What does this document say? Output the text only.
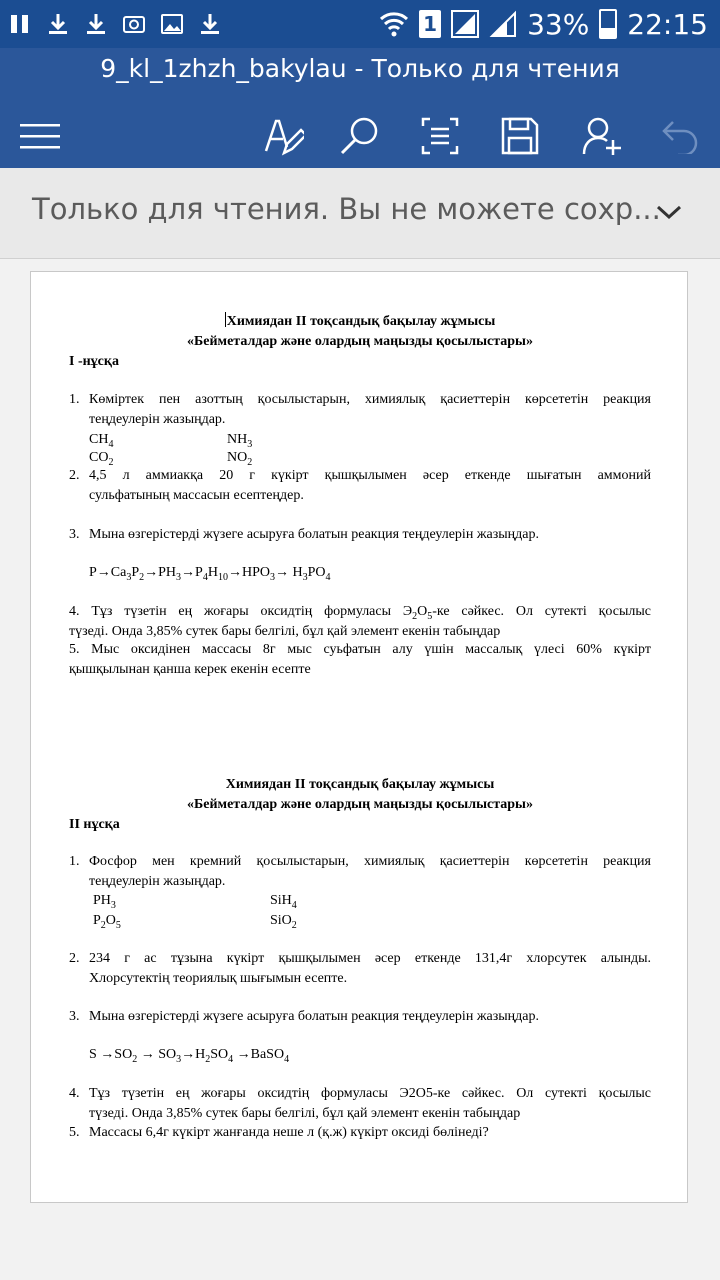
1	33% 22:15
9_kl_1zhzh_bakylau - Только для чтения
Только для чтения. Вы не можете сохр...
Химиядан II тоқсандық бақылау жұмысы
«Бейметалдар және олардың маңызды қосылыстары»
I -нұсқа
1. Көміртек пен азоттың қосылыстарын, химиялық қасиеттерін көрсететін реакция
теңдеулерін жазыңдар.
$CH_4$	$NH_3$
$CO_2$	$NO_2$
2. 4,5 л аммиакқа 20 г күкірт қышқылымен әсер еткенде шығатын аммоний
сульфатының массасын есептеңдер.
3. Мына өзгерістерді жүзеге асыруға болатын реакция теңдеулерін жазыңдар.
$P\to Ca_3P_2\to PH_3\to P_4H_{10}\to HPO_3\to H_3PO_4$
4. Тұз түзетін ең жоғары оксидтің формуласы $Э_2О_5-ке$ сәйкес. Ол сутекті қосылыс
түзеді. Онда 3,85% сутек бары белгілі, бұл қай элемент екенін табыңдар
5. Мыс оксидінен массасы 8г мыс суьфатын алу үшін массалық үлесі 60% күкірт
қышқылынан қанша керек екенін есепте
Химиядан II тоқсандық бақылау жұмысы
«Бейметалдар және олардың маңызды қосылыстары»
II нұсқа
1. Фосфор мен кремний қосылыстарын, химиялық қасиеттерін көрсететін реакция
теңдеулерін жазыңдар.
$PH_3$	SiH$_4$
$P_2O_5$	SiO$_2$
2. 234 г ас тұзына күкірт қышқылымен әсер еткенде 131,4г хлорсутек алынды.
Хлорсутектің теориялық шығымын есепте.
3. Мына өзгерістерді жүзеге асыруға болатын реакция теңдеулерін жазыңдар.
$S \to SO_2 \to SO_3\to H_2SO_4$ →BaSO$_4$
4. Тұз түзетін ең жоғары оксидтің формуласы Э2О5-ке сәйкес. Ол сутекті қосылыс
түзеді. Онда 3,85% сутек бары белгілі, бұл қай элемент екенін табыңдар
5. Массасы 6,4г күкірт жанғанда неше л (қ.ж) күкірт оксиді бөлінеді?
